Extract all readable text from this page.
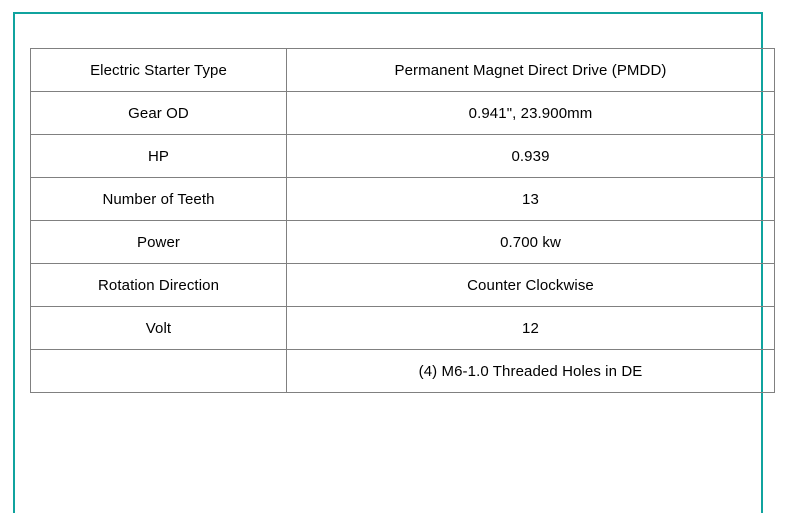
Electric Starter Type	Permanent Magnet Direct Drive (PMDD)
Gear OD	0.941", 23.900mm
HP	0.939
Number of Teeth	13
Power	0.700 kw
Rotation Direction	Counter Clockwise
Volt	12
	(4) M6-1.0 Threaded Holes in DE
